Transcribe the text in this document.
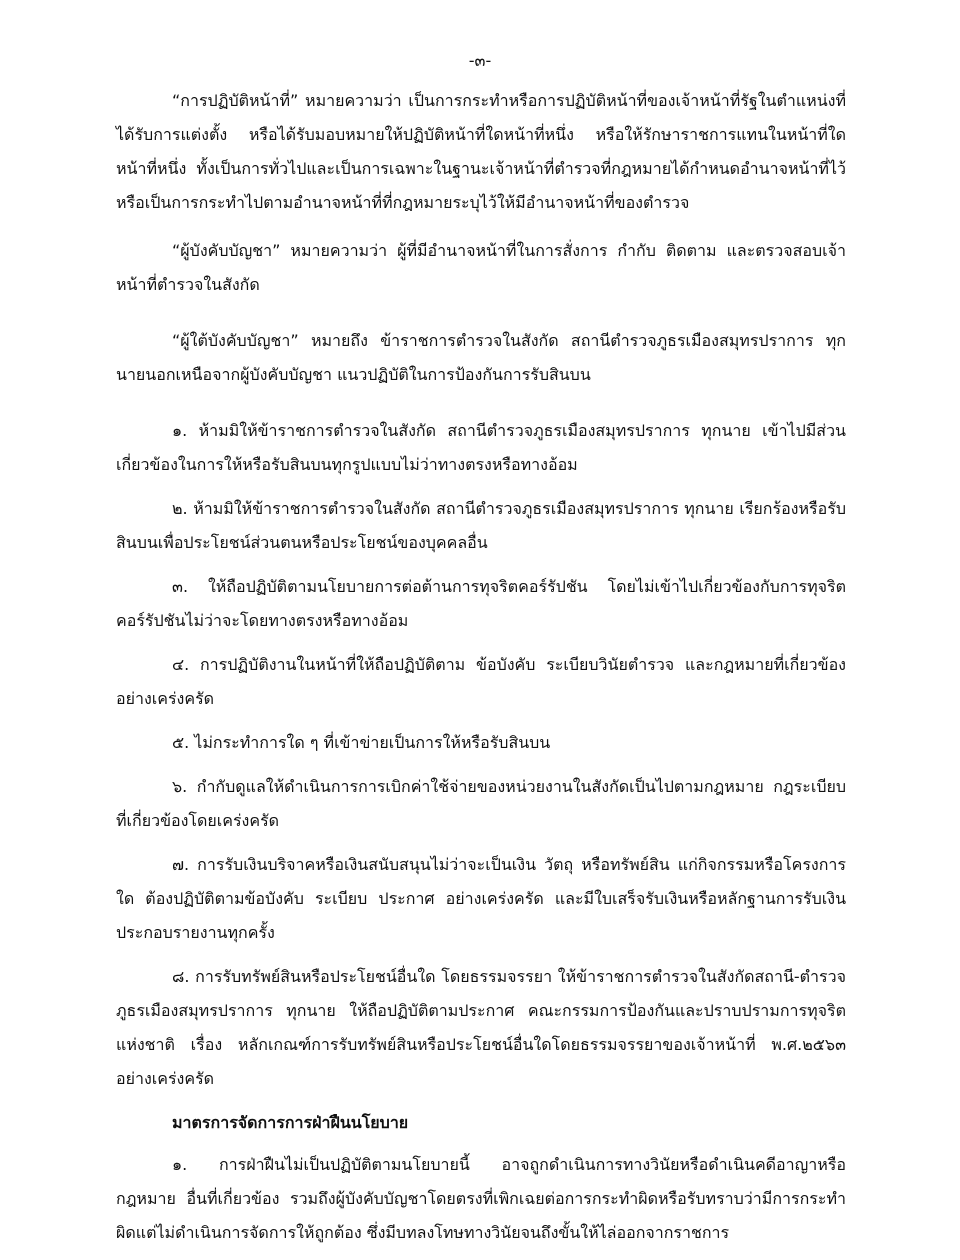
-๓-

“การปฏิบัติหน้าที่” หมายความว่า เป็นการกระทำหรือการปฏิบัติหน้าที่ของเจ้าหน้าที่รัฐในตำแหน่งที่ได้รับการแต่งตั้ง หรือได้รับมอบหมายให้ปฏิบัติหน้าที่ใดหน้าที่หนึ่ง หรือให้รักษาราชการแทนในหน้าที่ใดหน้าที่หนึ่ง ทั้งเป็นการทั่วไปและเป็นการเฉพาะในฐานะเจ้าหน้าที่ตำรวจที่กฎหมายได้กำหนดอำนาจหน้าที่ไว้ หรือเป็นการกระทำไปตามอำนาจหน้าที่ที่กฎหมายระบุไว้ให้มีอำนาจหน้าที่ของตำรวจ

“ผู้บังคับบัญชา” หมายความว่า ผู้ที่มีอำนาจหน้าที่ในการสั่งการ กำกับ ติดตาม และตรวจสอบเจ้าหน้าที่ตำรวจในสังกัด

“ผู้ใต้บังคับบัญชา” หมายถึง ข้าราชการตำรวจในสังกัด สถานีตำรวจภูธรเมืองสมุทรปราการ ทุกนายนอกเหนือจากผู้บังคับบัญชา แนวปฏิบัติในการป้องกันการรับสินบน

๑. ห้ามมิให้ข้าราชการตำรวจในสังกัด สถานีตำรวจภูธรเมืองสมุทรปราการ ทุกนาย เข้าไปมีส่วนเกี่ยวข้องในการให้หรือรับสินบนทุกรูปแบบไม่ว่าทางตรงหรือทางอ้อม

๒. ห้ามมิให้ข้าราชการตำรวจในสังกัด สถานีตำรวจภูธรเมืองสมุทรปราการ ทุกนาย เรียกร้องหรือรับสินบนเพื่อประโยชน์ส่วนตนหรือประโยชน์ของบุคคลอื่น

๓. ให้ถือปฏิบัติตามนโยบายการต่อต้านการทุจริตคอร์รัปชัน โดยไม่เข้าไปเกี่ยวข้องกับการทุจริตคอร์รัปชันไม่ว่าจะโดยทางตรงหรือทางอ้อม

๔. การปฏิบัติงานในหน้าที่ให้ถือปฏิบัติตาม ข้อบังคับ ระเบียบวินัยตำรวจ และกฎหมายที่เกี่ยวข้องอย่างเคร่งครัด

๕. ไม่กระทำการใด ๆ ที่เข้าข่ายเป็นการให้หรือรับสินบน

๖. กำกับดูแลให้ดำเนินการการเบิกค่าใช้จ่ายของหน่วยงานในสังกัดเป็นไปตามกฎหมาย กฎระเบียบที่เกี่ยวข้องโดยเคร่งครัด

๗. การรับเงินบริจาคหรือเงินสนับสนุนไม่ว่าจะเป็นเงิน วัตถุ หรือทรัพย์สิน แก่กิจกรรมหรือโครงการใด ต้องปฏิบัติตามข้อบังคับ ระเบียบ ประกาศ อย่างเคร่งครัด และมีใบเสร็จรับเงินหรือหลักฐานการรับเงินประกอบรายงานทุกครั้ง

๘. การรับทรัพย์สินหรือประโยชน์อื่นใด โดยธรรมจรรยา ให้ข้าราชการตำรวจในสังกัดสถานี-ตำรวจภูธรเมืองสมุทรปราการ ทุกนาย ให้ถือปฏิบัติตามประกาศ คณะกรรมการป้องกันและปราบปรามการทุจริตแห่งชาติ เรื่อง หลักเกณฑ์การรับทรัพย์สินหรือประโยชน์อื่นใดโดยธรรมจรรยาของเจ้าหน้าที่ พ.ศ.๒๕๖๓ อย่างเคร่งครัด

มาตรการจัดการการฝ่าฝืนนโยบาย

๑. การฝ่าฝืนไม่เป็นปฏิบัติตามนโยบายนี้ อาจถูกดำเนินการทางวินัยหรือดำเนินคดีอาญาหรือกฎหมาย อื่นที่เกี่ยวข้อง รวมถึงผู้บังคับบัญชาโดยตรงที่เพิกเฉยต่อการกระทำผิดหรือรับทราบว่ามีการกระทำผิดแต่ไม่ดำเนินการจัดการให้ถูกต้อง ซึ่งมีบทลงโทษทางวินัยจนถึงขั้นให้ไล่ออกจากราชการ
